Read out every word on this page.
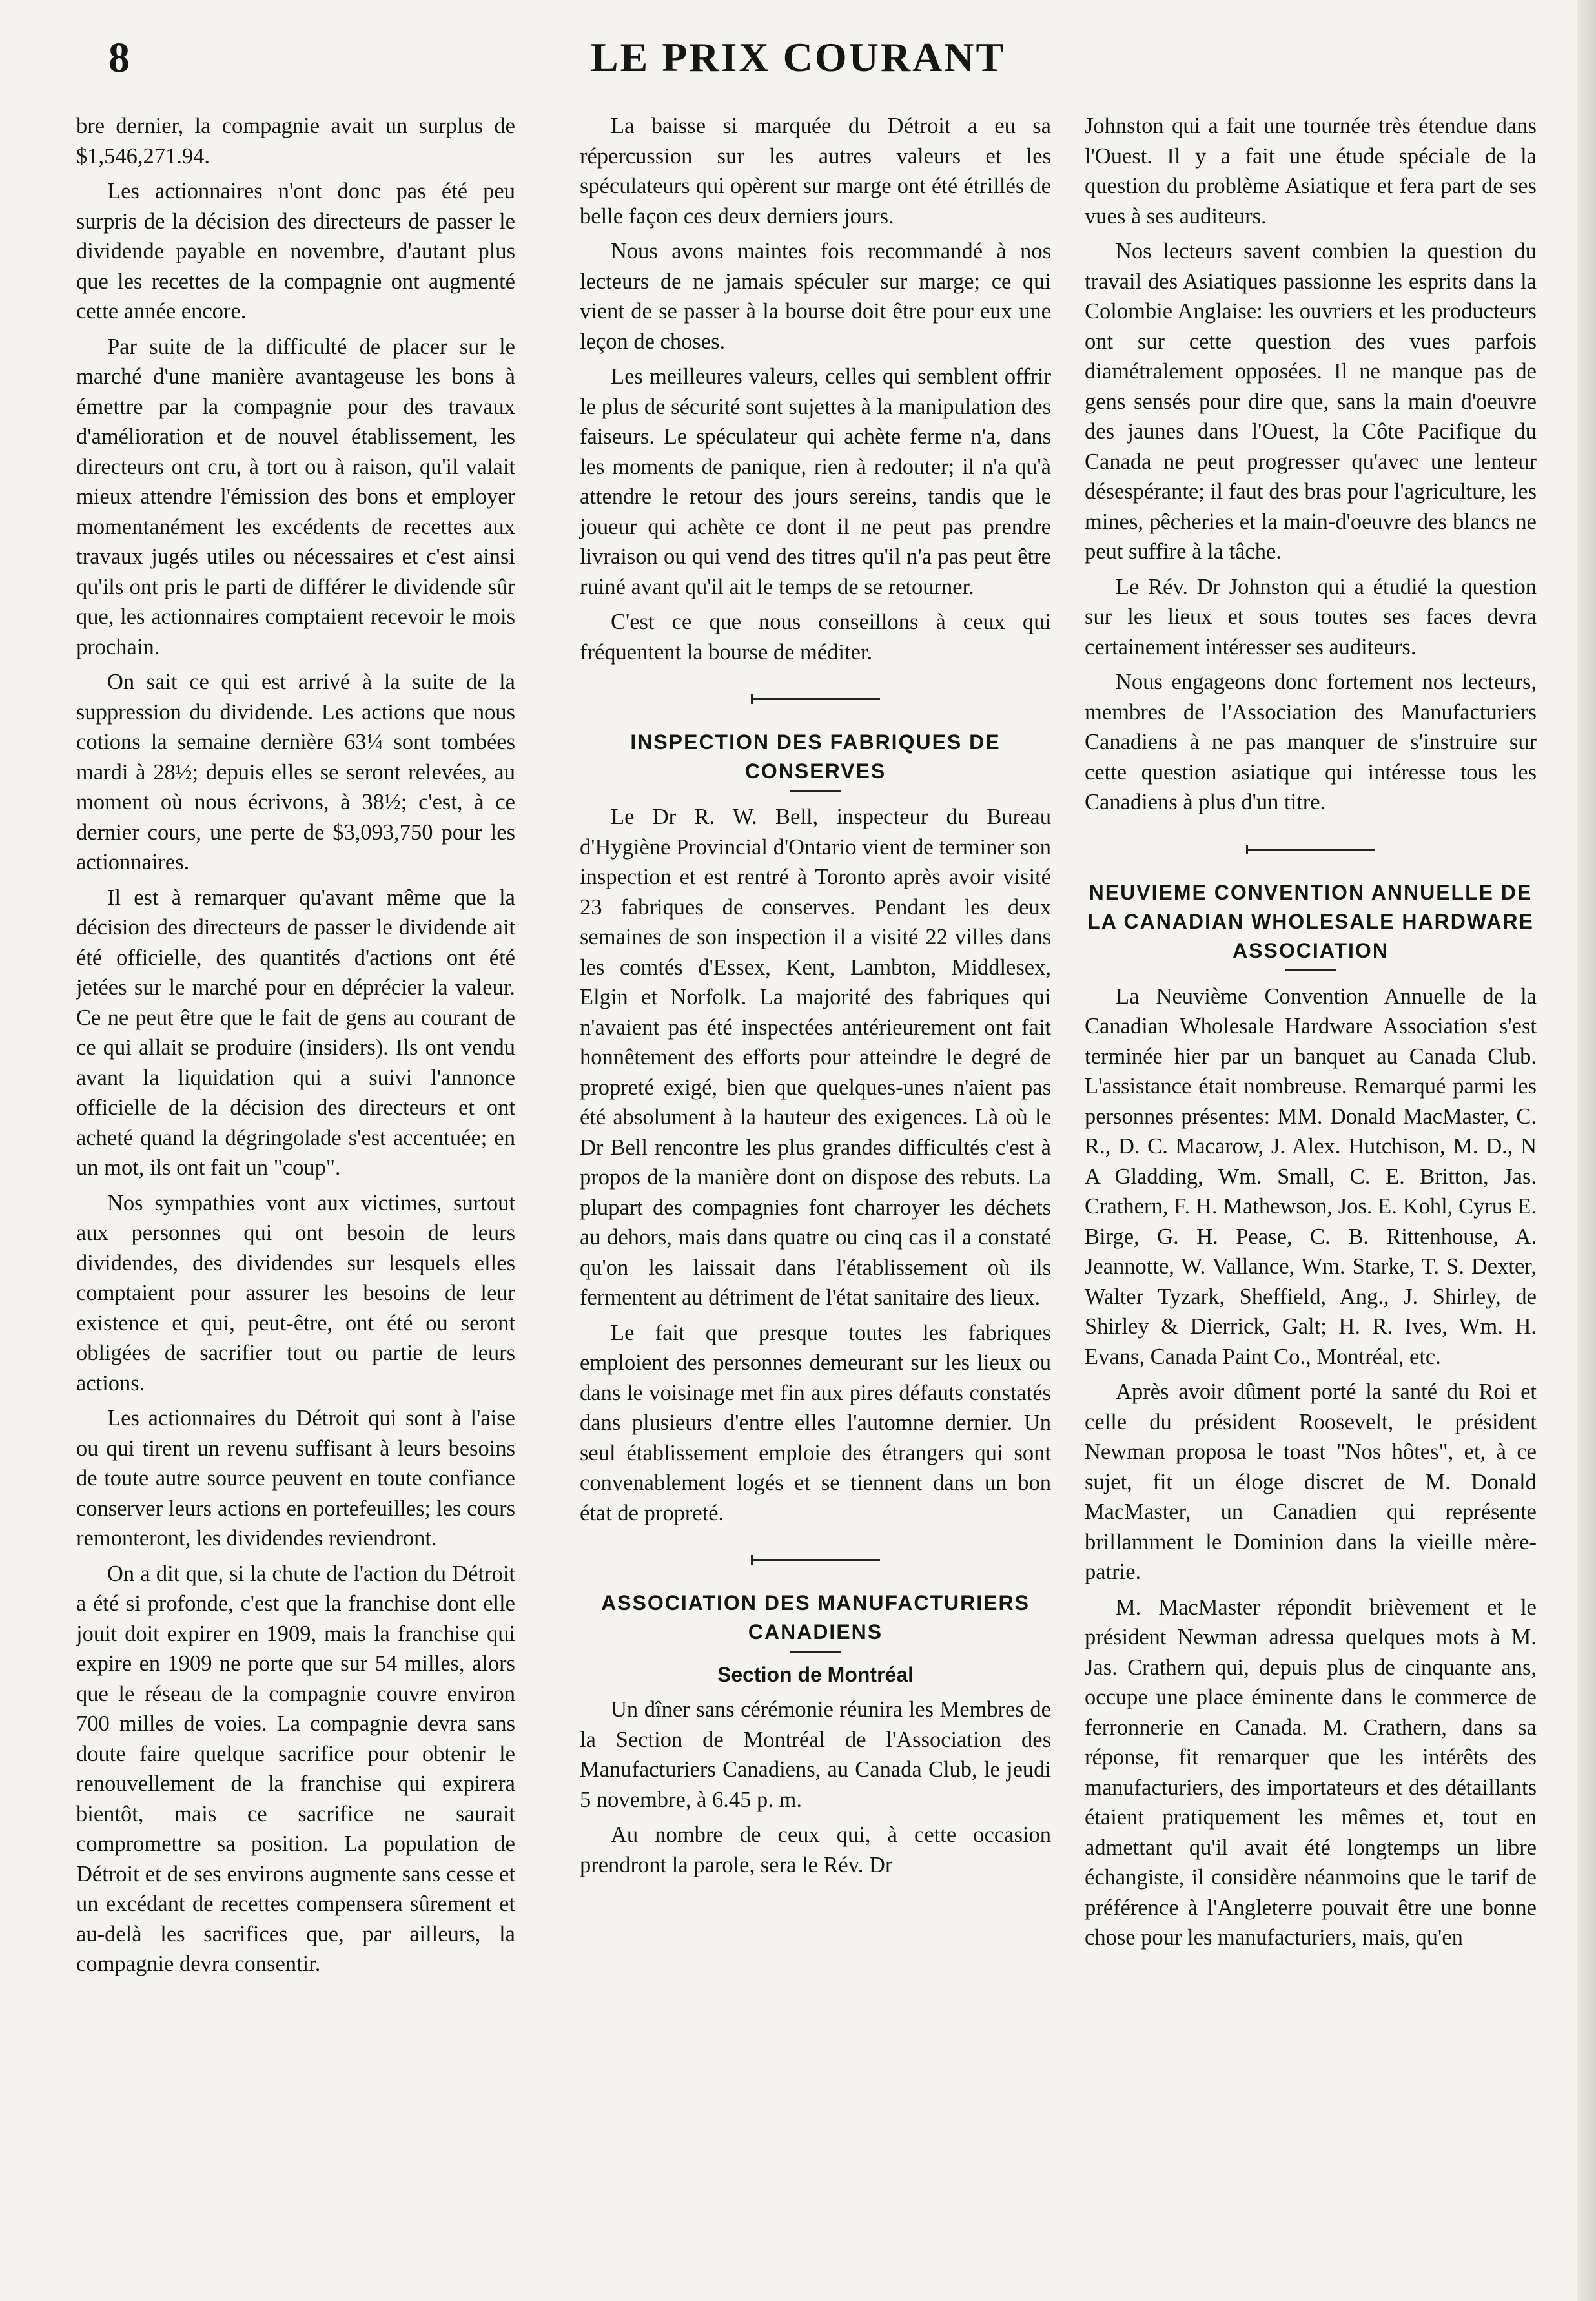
8	LE PRIX COURANT

bre dernier, la compagnie avait un surplus de $1,546,271.94.

Les actionnaires n'ont donc pas été peu surpris de la décision des directeurs de passer le dividende payable en novembre, d'autant plus que les recettes de la compagnie ont augmenté cette année encore.

Par suite de la difficulté de placer sur le marché d'une manière avantageuse les bons à émettre par la compagnie pour des travaux d'amélioration et de nouvel établissement, les directeurs ont cru, à tort ou à raison, qu'il valait mieux attendre l'émission des bons et employer momentanément les excédents de recettes aux travaux jugés utiles ou nécessaires et c'est ainsi qu'ils ont pris le parti de différer le dividende sûr que, les actionnaires comptaient recevoir le mois prochain.

On sait ce qui est arrivé à la suite de la suppression du dividende. Les actions que nous cotions la semaine dernière 63¼ sont tombées mardi à 28½; depuis elles se seront relevées, au moment où nous écrivons, à 38½; c'est, à ce dernier cours, une perte de $3,093,750 pour les actionnaires.

Il est à remarquer qu'avant même que la décision des directeurs de passer le dividende ait été officielle, des quantités d'actions ont été jetées sur le marché pour en déprécier la valeur. Ce ne peut être que le fait de gens au courant de ce qui allait se produire (insiders). Ils ont vendu avant la liquidation qui a suivi l'annonce officielle de la décision des directeurs et ont acheté quand la dégringolade s'est accentuée; en un mot, ils ont fait un "coup".

Nos sympathies vont aux victimes, surtout aux personnes qui ont besoin de leurs dividendes, des dividendes sur lesquels elles comptaient pour assurer les besoins de leur existence et qui, peut-être, ont été ou seront obligées de sacrifier tout ou partie de leurs actions.

Les actionnaires du Détroit qui sont à l'aise ou qui tirent un revenu suffisant à leurs besoins de toute autre source peuvent en toute confiance conserver leurs actions en portefeuilles; les cours remonteront, les dividendes reviendront.

On a dit que, si la chute de l'action du Détroit a été si profonde, c'est que la franchise dont elle jouit doit expirer en 1909, mais la franchise qui expire en 1909 ne porte que sur 54 milles, alors que le réseau de la compagnie couvre environ 700 milles de voies. La compagnie devra sans doute faire quelque sacrifice pour obtenir le renouvellement de la franchise qui expirera bientôt, mais ce sacrifice ne saurait compromettre sa position. La population de Détroit et de ses environs augmente sans cesse et un excédant de recettes compensera sûrement et au-delà les sacrifices que, par ailleurs, la compagnie devra consentir.

La baisse si marquée du Détroit a eu sa répercussion sur les autres valeurs et les spéculateurs qui opèrent sur marge ont été étrillés de belle façon ces deux derniers jours.

Nous avons maintes fois recommandé à nos lecteurs de ne jamais spéculer sur marge; ce qui vient de se passer à la bourse doit être pour eux une leçon de choses.

Les meilleures valeurs, celles qui semblent offrir le plus de sécurité sont sujettes à la manipulation des faiseurs. Le spéculateur qui achète ferme n'a, dans les moments de panique, rien à redouter; il n'a qu'à attendre le retour des jours sereins, tandis que le joueur qui achète ce dont il ne peut pas prendre livraison ou qui vend des titres qu'il n'a pas peut être ruiné avant qu'il ait le temps de se retourner.

C'est ce que nous conseillons à ceux qui fréquentent la bourse de méditer.

INSPECTION DES FABRIQUES DE CONSERVES

Le Dr R. W. Bell, inspecteur du Bureau d'Hygiène Provincial d'Ontario vient de terminer son inspection et est rentré à Toronto après avoir visité 23 fabriques de conserves. Pendant les deux semaines de son inspection il a visité 22 villes dans les comtés d'Essex, Kent, Lambton, Middlesex, Elgin et Norfolk. La majorité des fabriques qui n'avaient pas été inspectées antérieurement ont fait honnêtement des efforts pour atteindre le degré de propreté exigé, bien que quelques-unes n'aient pas été absolument à la hauteur des exigences. Là où le Dr Bell rencontre les plus grandes difficultés c'est à propos de la manière dont on dispose des rebuts. La plupart des compagnies font charroyer les déchets au dehors, mais dans quatre ou cinq cas il a constaté qu'on les laissait dans l'établissement où ils fermentent au détriment de l'état sanitaire des lieux.

Le fait que presque toutes les fabriques emploient des personnes demeurant sur les lieux ou dans le voisinage met fin aux pires défauts constatés dans plusieurs d'entre elles l'automne dernier. Un seul établissement emploie des étrangers qui sont convenablement logés et se tiennent dans un bon état de propreté.

ASSOCIATION DES MANUFACTURIERS CANADIENS
Section de Montréal

Un dîner sans cérémonie réunira les Membres de la Section de Montréal de l'Association des Manufacturiers Canadiens, au Canada Club, le jeudi 5 novembre, à 6.45 p. m.

Au nombre de ceux qui, à cette occasion prendront la parole, sera le Rév. Dr

Johnston qui a fait une tournée très étendue dans l'Ouest. Il y a fait une étude spéciale de la question du problème Asiatique et fera part de ses vues à ses auditeurs.

Nos lecteurs savent combien la question du travail des Asiatiques passionne les esprits dans la Colombie Anglaise: les ouvriers et les producteurs ont sur cette question des vues parfois diamétralement opposées. Il ne manque pas de gens sensés pour dire que, sans la main d'oeuvre des jaunes dans l'Ouest, la Côte Pacifique du Canada ne peut progresser qu'avec une lenteur désespérante; il faut des bras pour l'agriculture, les mines, pêcheries et la main-d'oeuvre des blancs ne peut suffire à la tâche.

Le Rév. Dr Johnston qui a étudié la question sur les lieux et sous toutes ses faces devra certainement intéresser ses auditeurs.

Nous engageons donc fortement nos lecteurs, membres de l'Association des Manufacturiers Canadiens à ne pas manquer de s'instruire sur cette question asiatique qui intéresse tous les Canadiens à plus d'un titre.

NEUVIEME CONVENTION ANNUELLE DE LA CANADIAN WHOLESALE HARDWARE ASSOCIATION

La Neuvième Convention Annuelle de la Canadian Wholesale Hardware Association s'est terminée hier par un banquet au Canada Club. L'assistance était nombreuse. Remarqué parmi les personnes présentes: MM. Donald MacMaster, C. R., D. C. Macarow, J. Alex. Hutchison, M. D., N A Gladding, Wm. Small, C. E. Britton, Jas. Crathern, F. H. Mathewson, Jos. E. Kohl, Cyrus E. Birge, G. H. Pease, C. B. Rittenhouse, A. Jeannotte, W. Vallance, Wm. Starke, T. S. Dexter, Walter Tyzark, Sheffield, Ang., J. Shirley, de Shirley & Dierrick, Galt; H. R. Ives, Wm. H. Evans, Canada Paint Co., Montréal, etc.

Après avoir dûment porté la santé du Roi et celle du président Roosevelt, le président Newman proposa le toast "Nos hôtes", et, à ce sujet, fit un éloge discret de M. Donald MacMaster, un Canadien qui représente brillamment le Dominion dans la vieille mère-patrie.

M. MacMaster répondit brièvement et le président Newman adressa quelques mots à M. Jas. Crathern qui, depuis plus de cinquante ans, occupe une place éminente dans le commerce de ferronnerie en Canada. M. Crathern, dans sa réponse, fit remarquer que les intérêts des manufacturiers, des importateurs et des détaillants étaient pratiquement les mêmes et, tout en admettant qu'il avait été longtemps un libre échangiste, il considère néanmoins que le tarif de préférence à l'Angleterre pouvait être une bonne chose pour les manufacturiers, mais, qu'en
